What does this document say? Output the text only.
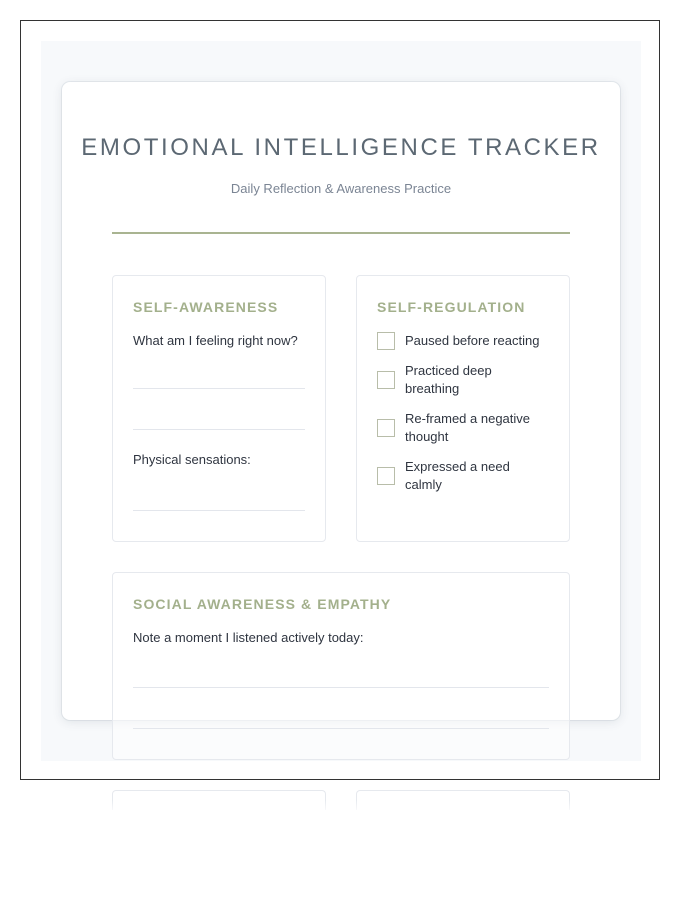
EMOTIONAL INTELLIGENCE TRACKER
Daily Reflection & Awareness Practice
SELF-AWARENESS
What am I feeling right now?
Physical sensations:
SELF-REGULATION
Paused before reacting
Practiced deep breathing
Re-framed a negative thought
Expressed a need calmly
SOCIAL AWARENESS & EMPATHY
Note a moment I listened actively today:
